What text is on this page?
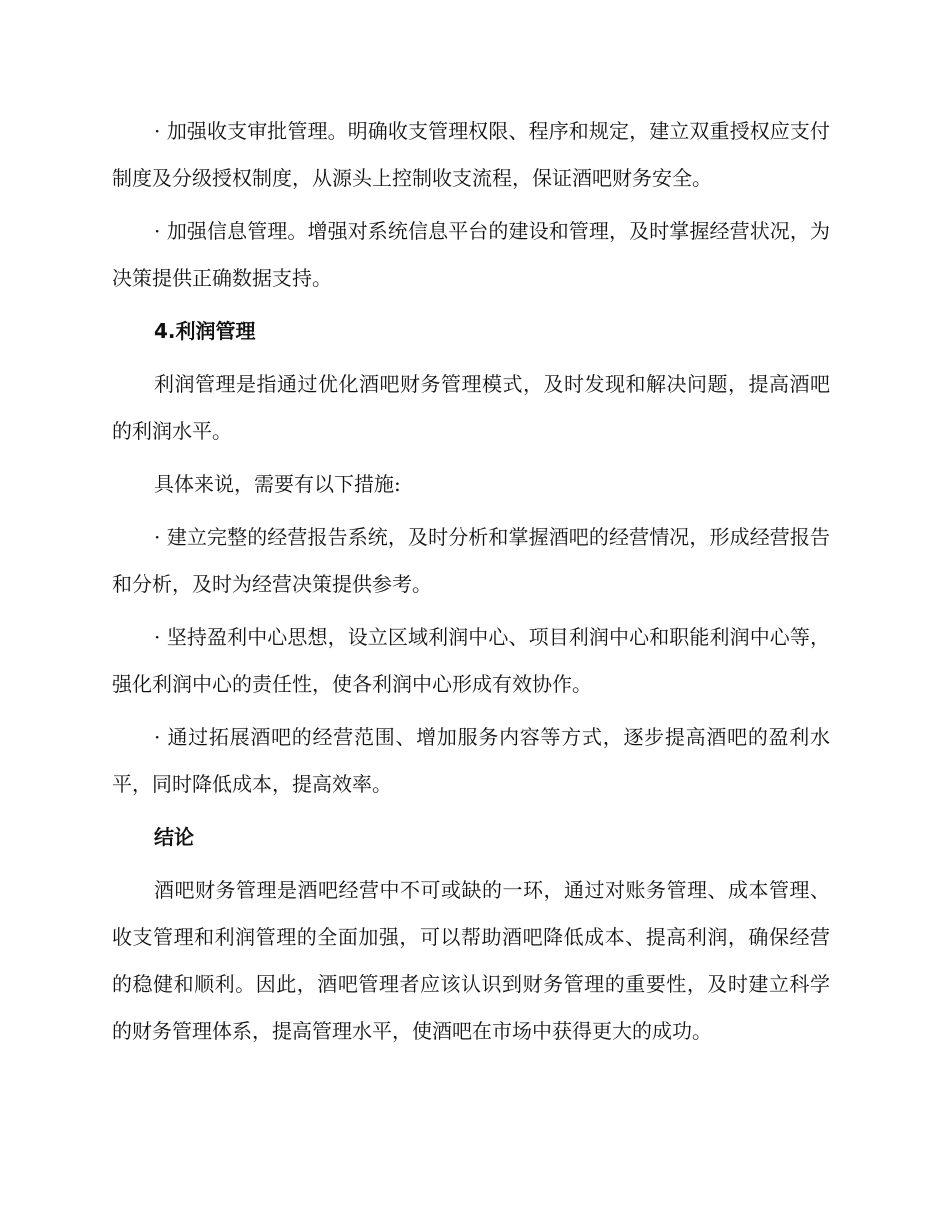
· 加强收支审批管理。明确收支管理权限、程序和规定，建立双重授权应支付制度及分级授权制度，从源头上控制收支流程，保证酒吧财务安全。

· 加强信息管理。增强对系统信息平台的建设和管理，及时掌握经营状况，为决策提供正确数据支持。

4.利润管理

利润管理是指通过优化酒吧财务管理模式，及时发现和解决问题，提高酒吧的利润水平。

具体来说，需要有以下措施:

· 建立完整的经营报告系统，及时分析和掌握酒吧的经营情况，形成经营报告和分析，及时为经营决策提供参考。

· 坚持盈利中心思想，设立区域利润中心、项目利润中心和职能利润中心等，强化利润中心的责任性，使各利润中心形成有效协作。

· 通过拓展酒吧的经营范围、增加服务内容等方式，逐步提高酒吧的盈利水平，同时降低成本，提高效率。

结论

酒吧财务管理是酒吧经营中不可或缺的一环，通过对账务管理、成本管理、收支管理和利润管理的全面加强，可以帮助酒吧降低成本、提高利润，确保经营的稳健和顺利。因此，酒吧管理者应该认识到财务管理的重要性，及时建立科学的财务管理体系，提高管理水平，使酒吧在市场中获得更大的成功。
